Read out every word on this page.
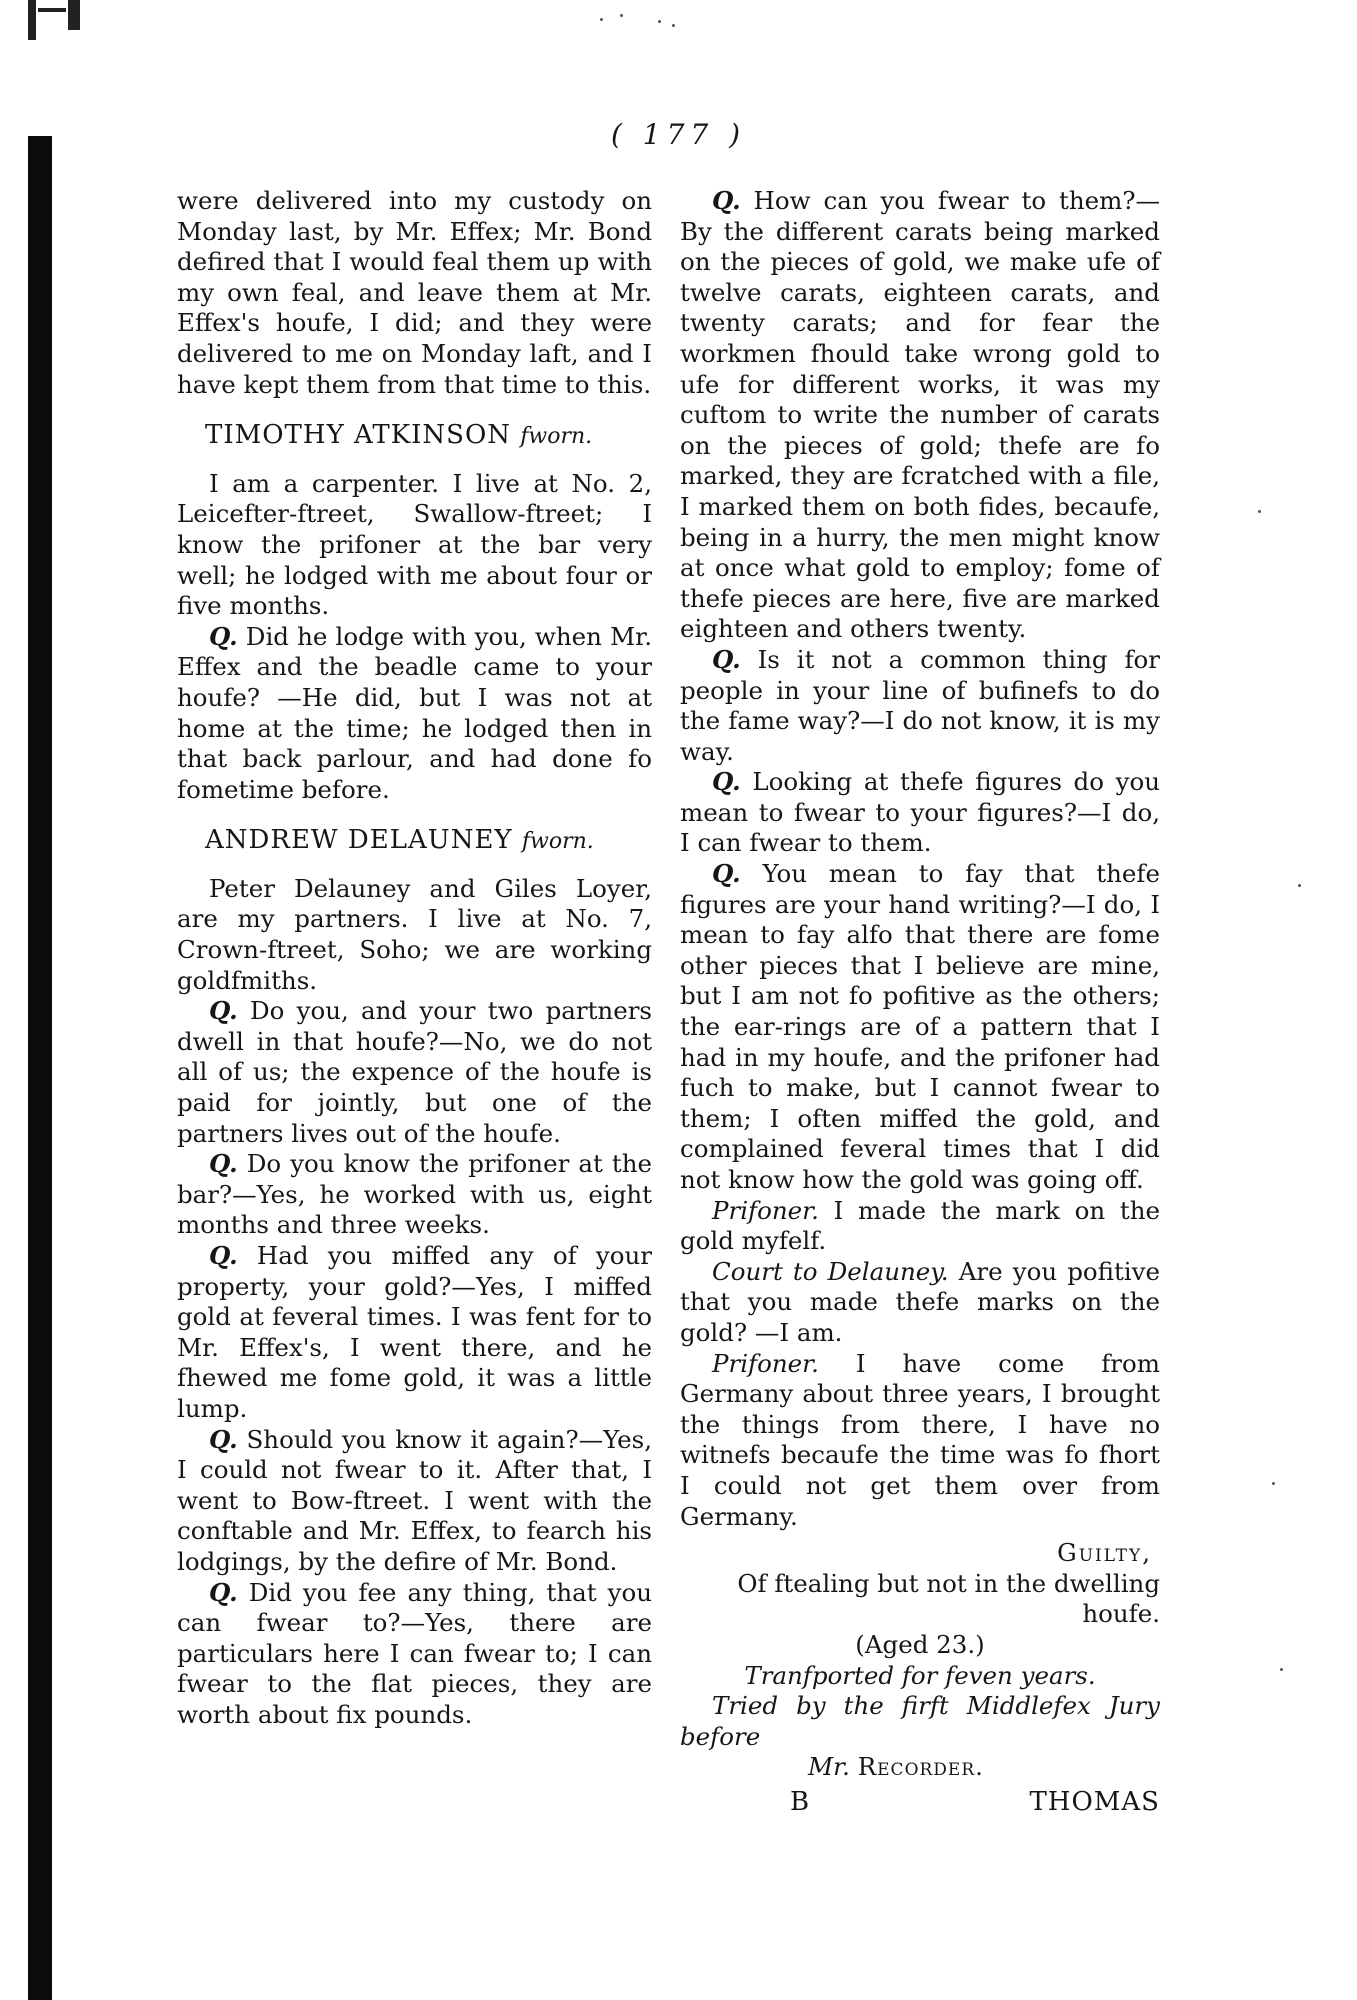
( 177 )

were delivered into my custody on Monday last, by Mr. Effex; Mr. Bond defired that I would feal them up with my own feal, and leave them at Mr. Effex's houfe, I did; and they were delivered to me on Monday laft, and I have kept them from that time to this.

TIMOTHY ATKINSON fworn.

I am a carpenter. I live at No. 2, Leicefter-ftreet, Swallow-ftreet; I know the prifoner at the bar very well; he lodged with me about four or five months.

Q. Did he lodge with you, when Mr. Effex and the beadle came to your houfe? —He did, but I was not at home at the time; he lodged then in that back parlour, and had done fo fometime before.

ANDREW DELAUNEY fworn.

Peter Delauney and Giles Loyer, are my partners. I live at No. 7, Crown-ftreet, Soho; we are working goldfmiths.

Q. Do you, and your two partners dwell in that houfe?—No, we do not all of us; the expence of the houfe is paid for jointly, but one of the partners lives out of the houfe.

Q. Do you know the prifoner at the bar?—Yes, he worked with us, eight months and three weeks.

Q. Had you miffed any of your property, your gold?—Yes, I miffed gold at feveral times. I was fent for to Mr. Effex's, I went there, and he fhewed me fome gold, it was a little lump.

Q. Should you know it again?—Yes, I could not fwear to it. After that, I went to Bow-ftreet. I went with the conftable and Mr. Effex, to fearch his lodgings, by the defire of Mr. Bond.

Q. Did you fee any thing, that you can fwear to?—Yes, there are particulars here I can fwear to; I can fwear to the flat pieces, they are worth about fix pounds.

Q. How can you fwear to them?—By the different carats being marked on the pieces of gold, we make ufe of twelve carats, eighteen carats, and twenty carats; and for fear the workmen fhould take wrong gold to ufe for different works, it was my cuftom to write the number of carats on the pieces of gold; thefe are fo marked, they are fcratched with a file, I marked them on both fides, becaufe, being in a hurry, the men might know at once what gold to employ; fome of thefe pieces are here, five are marked eighteen and others twenty.

Q. Is it not a common thing for people in your line of bufinefs to do the fame way?—I do not know, it is my way.

Q. Looking at thefe figures do you mean to fwear to your figures?—I do, I can fwear to them.

Q. You mean to fay that thefe figures are your hand writing?—I do, I mean to fay alfo that there are fome other pieces that I believe are mine, but I am not fo pofitive as the others; the ear-rings are of a pattern that I had in my houfe, and the prifoner had fuch to make, but I cannot fwear to them; I often miffed the gold, and complained feveral times that I did not know how the gold was going off.

Prifoner. I made the mark on the gold myfelf.

Court to Delauney. Are you pofitive that you made thefe marks on the gold? —I am.

Prifoner. I have come from Germany about three years, I brought the things from there, I have no witnefs becaufe the time was fo fhort I could not get them over from Germany.

Guilty,
Of ftealing but not in the dwelling houfe.
(Aged 23.)
Tranfported for feven years.

Tried by the firft Middlefex Jury before
Mr. Recorder.

B	THOMAS
